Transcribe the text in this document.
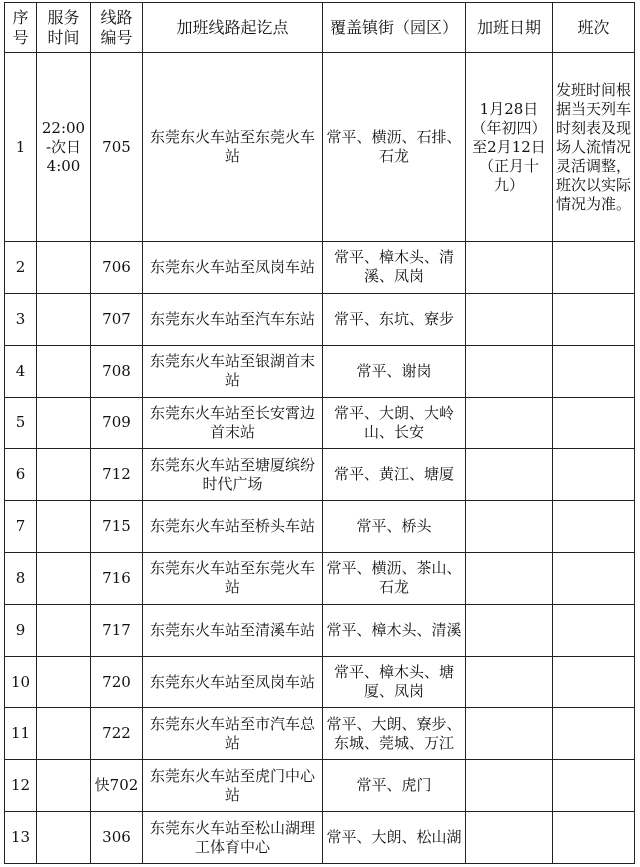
序号	服务时间	线路编号	加班线路起讫点	覆盖镇街（园区）	加班日期	班次
1	22:00-次日4:00	705	东莞东火车站至东莞火车站	常平、横沥、石排、石龙	1月28日（年初四）至2月12日（正月十九）	发班时间根据当天列车时刻表及现场人流情况灵活调整，班次以实际情况为准。
2		706	东莞东火车站至凤岗车站	常平、樟木头、清溪、凤岗		
3		707	东莞东火车站至汽车东站	常平、东坑、寮步		
4		708	东莞东火车站至银湖首末站	常平、谢岗		
5		709	东莞东火车站至长安霄边首末站	常平、大朗、大岭山、长安		
6		712	东莞东火车站至塘厦缤纷时代广场	常平、黄江、塘厦		
7		715	东莞东火车站至桥头车站	常平、桥头		
8		716	东莞东火车站至东莞火车站	常平、横沥、茶山、石龙		
9		717	东莞东火车站至清溪车站	常平、樟木头、清溪		
10		720	东莞东火车站至凤岗车站	常平、樟木头、塘厦、凤岗		
11		722	东莞东火车站至市汽车总站	常平、大朗、寮步、东城、莞城、万江		
12		快702	东莞东火车站至虎门中心站	常平、虎门		
13		306	东莞东火车站至松山湖理工体育中心	常平、大朗、松山湖		
